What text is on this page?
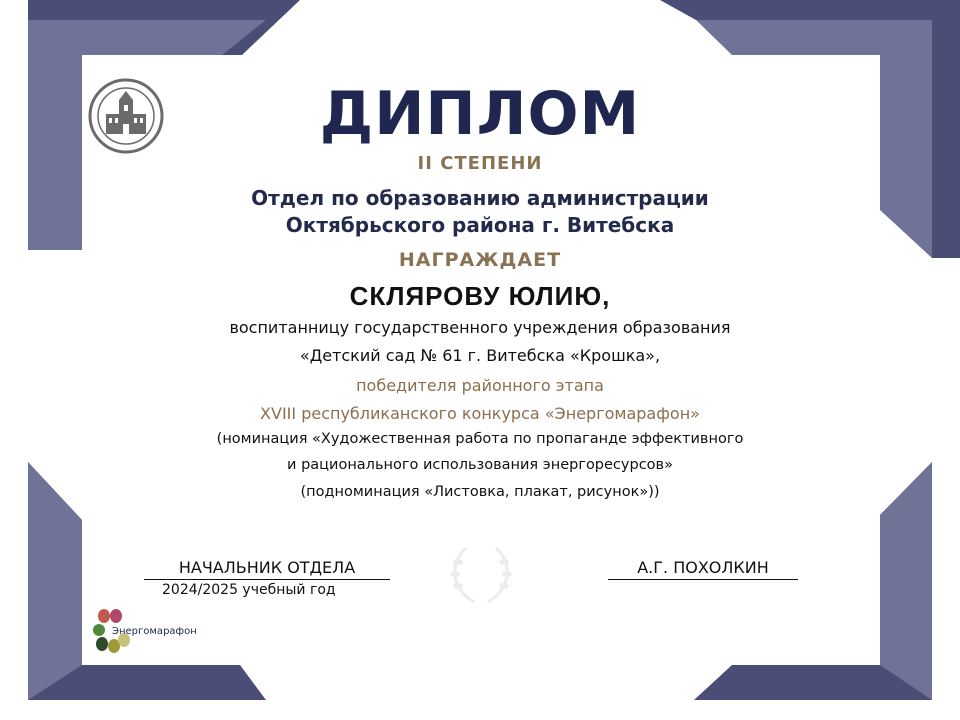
ДИПЛОМ

II СТЕПЕНИ

Отдел по образованию администрации

Октябрьского района г. Витебска

НАГРАЖДАЕТ

СКЛЯРОВУ ЮЛИЮ,

воспитанницу государственного учреждения образования

«Детский сад № 61 г. Витебска «Крошка»,

победителя районного этапа

XVIII республиканского конкурса «Энергомарафон»

(номинация «Художественная работа по пропаганде эффективного

и рационального использования энергоресурсов»

(подноминация «Листовка, плакат, рисунок»))

НАЧАЛЬНИК ОТДЕЛА	А.Г. ПОХОЛКИН
2024/2025 учебный год
Энергомарафон
